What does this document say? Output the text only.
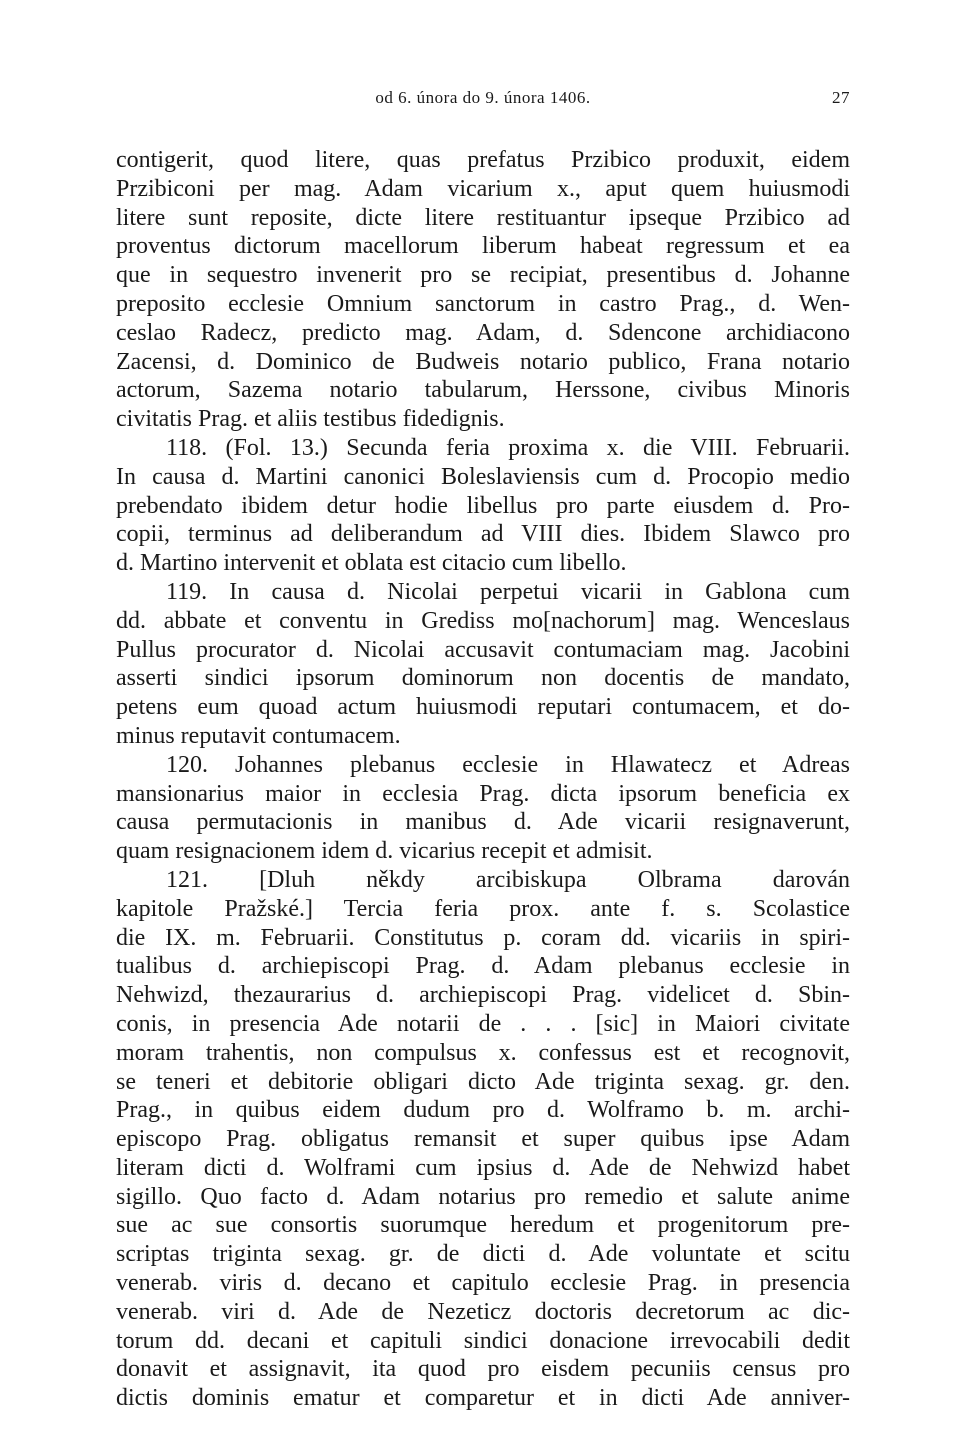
od 6. února do 9. února 1406.	27
contigerit, quod litere, quas prefatus Przibico produxit, eidem
Przibiconi per mag. Adam vicarium x., aput quem huiusmodi
litere sunt reposite, dicte litere restituantur ipseque Przibico ad
proventus dictorum macellorum liberum habeat regressum et ea
que in sequestro invenerit pro se recipiat, presentibus d. Johanne
preposito ecclesie Omnium sanctorum in castro Prag., d. Wen-
ceslao Radecz, predicto mag. Adam, d. Sdencone archidiacono
Zacensi, d. Dominico de Budweis notario publico, Frana notario
actorum, Sazema notario tabularum, Herssone, civibus Minoris
civitatis Prag. et aliis testibus fidedignis.
118. (Fol. 13.) Secunda feria proxima x. die VIII. Februarii.
In causa d. Martini canonici Boleslaviensis cum d. Procopio medio
prebendato ibidem detur hodie libellus pro parte eiusdem d. Pro-
copii, terminus ad deliberandum ad VIII dies. Ibidem Slawco pro
d. Martino intervenit et oblata est citacio cum libello.
119. In causa d. Nicolai perpetui vicarii in Gablona cum
dd. abbate et conventu in Grediss mo[nachorum] mag. Wenceslaus
Pullus procurator d. Nicolai accusavit contumaciam mag. Jacobini
asserti sindici ipsorum dominorum non docentis de mandato,
petens eum quoad actum huiusmodi reputari contumacem, et do-
minus reputavit contumacem.
120. Johannes plebanus ecclesie in Hlawatecz et Adreas
mansionarius maior in ecclesia Prag. dicta ipsorum beneficia ex
causa permutacionis in manibus d. Ade vicarii resignaverunt,
quam resignacionem idem d. vicarius recepit et admisit.
121. [Dluh někdy arcibiskupa Olbrama darován
kapitole Pražské.] Tercia feria prox. ante f. s. Scolastice
die IX. m. Februarii. Constitutus p. coram dd. vicariis in spiri-
tualibus d. archiepiscopi Prag. d. Adam plebanus ecclesie in
Nehwizd, thezaurarius d. archiepiscopi Prag. videlicet d. Sbin-
conis, in presencia Ade notarii de . . . [sic] in Maiori civitate
moram trahentis, non compulsus x. confessus est et recognovit,
se teneri et debitorie obligari dicto Ade triginta sexag. gr. den.
Prag., in quibus eidem dudum pro d. Wolframo b. m. archi-
episcopo Prag. obligatus remansit et super quibus ipse Adam
literam dicti d. Wolframi cum ipsius d. Ade de Nehwizd habet
sigillo. Quo facto d. Adam notarius pro remedio et salute anime
sue ac sue consortis suorumque heredum et progenitorum pre-
scriptas triginta sexag. gr. de dicti d. Ade voluntate et scitu
venerab. viris d. decano et capitulo ecclesie Prag. in presencia
venerab. viri d. Ade de Nezeticz doctoris decretorum ac dic-
torum dd. decani et capituli sindici donacione irrevocabili dedit
donavit et assignavit, ita quod pro eisdem pecuniis census pro
dictis dominis ematur et comparetur et in dicti Ade anniver-
